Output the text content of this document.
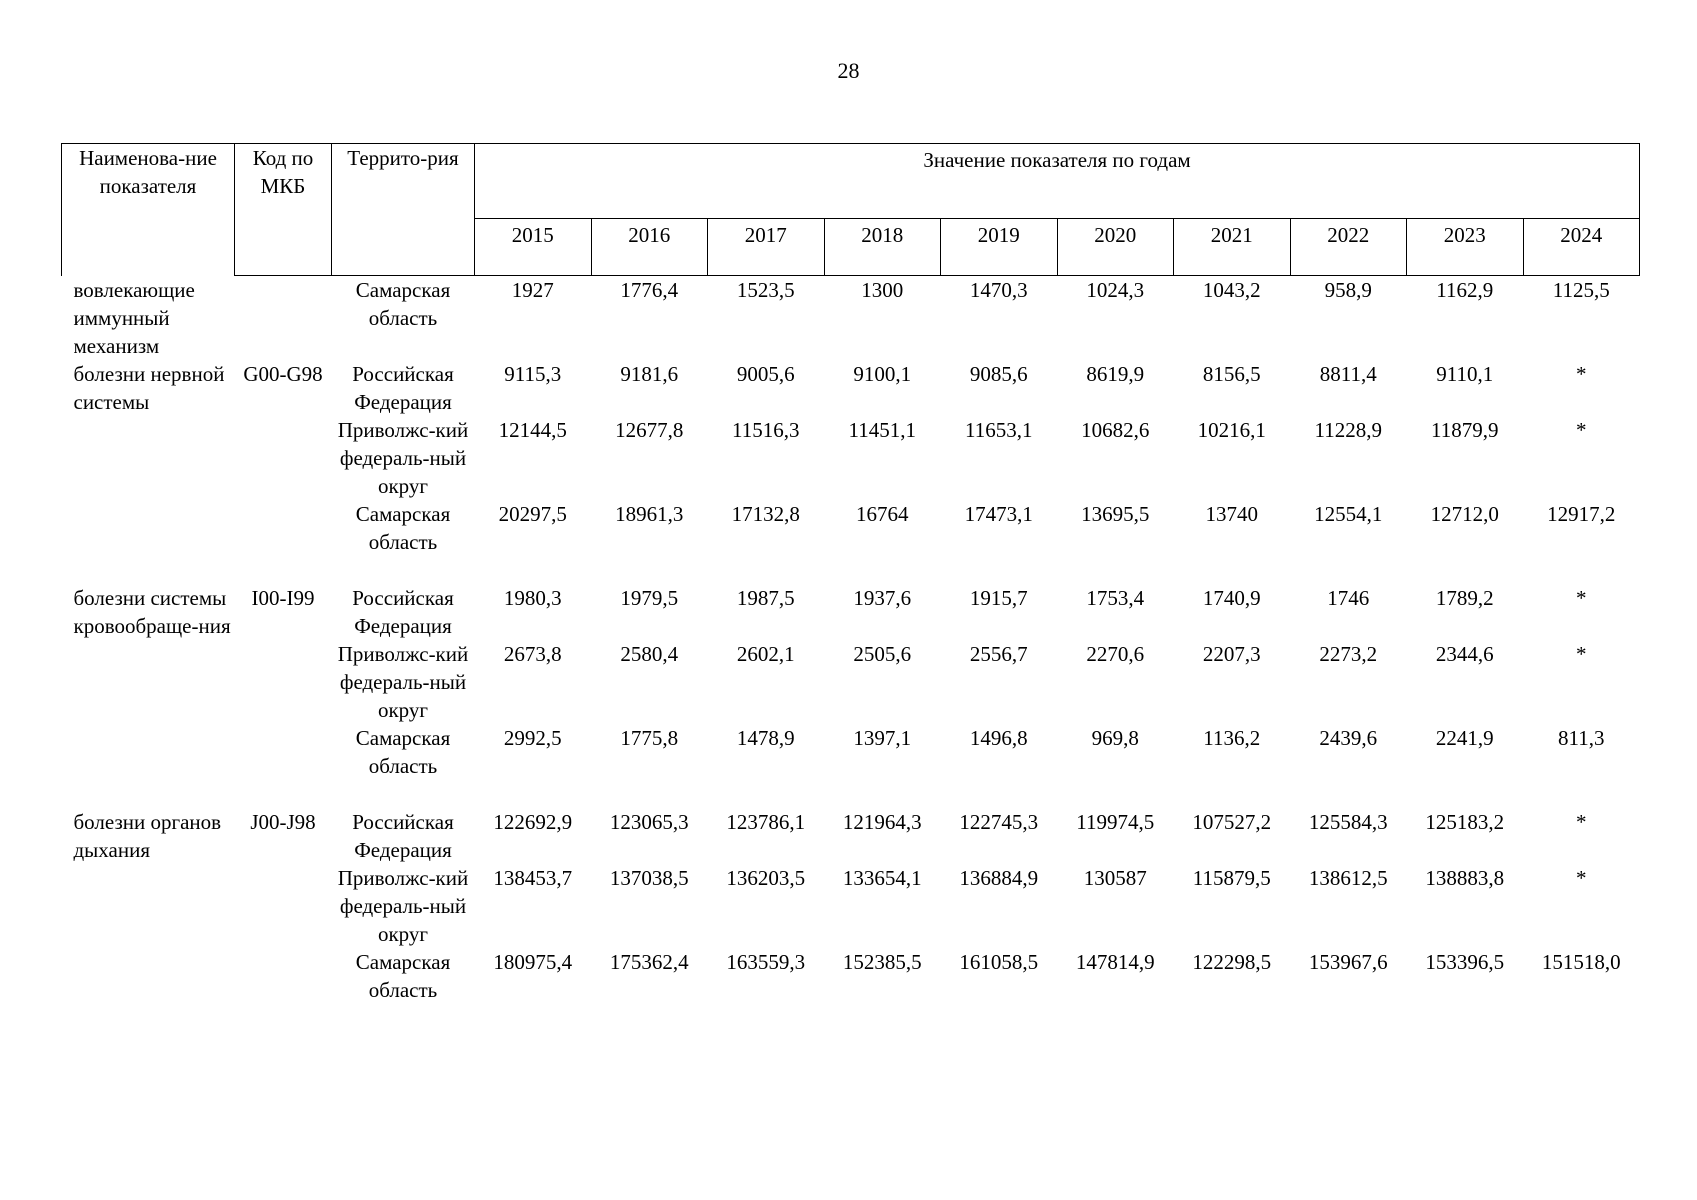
28
Наименова-ние показателя	Код по МКБ	Террито-рия	Значение показателя по годам									
			2015	2016	2017	2018	2019	2020	2021	2022	2023	2024
вовлекающие иммунный механизм		Самарская область	1927	1776,4	1523,5	1300	1470,3	1024,3	1043,2	958,9	1162,9	1125,5
болезни нервной системы	G00-G98	Российская Федерация	9115,3	9181,6	9005,6	9100,1	9085,6	8619,9	8156,5	8811,4	9110,1	*
		Приволжс-кий федераль-ный округ	12144,5	12677,8	11516,3	11451,1	11653,1	10682,6	10216,1	11228,9	11879,9	*
		Самарская область	20297,5	18961,3	17132,8	16764	17473,1	13695,5	13740	12554,1	12712,0	12917,2

болезни системы кровообраще-ния	I00-I99	Российская Федерация	1980,3	1979,5	1987,5	1937,6	1915,7	1753,4	1740,9	1746	1789,2	*
		Приволжс-кий федераль-ный округ	2673,8	2580,4	2602,1	2505,6	2556,7	2270,6	2207,3	2273,2	2344,6	*
		Самарская область	2992,5	1775,8	1478,9	1397,1	1496,8	969,8	1136,2	2439,6	2241,9	811,3

болезни органов дыхания	J00-J98	Российская Федерация	122692,9	123065,3	123786,1	121964,3	122745,3	119974,5	107527,2	125584,3	125183,2	*
		Приволжс-кий федераль-ный округ	138453,7	137038,5	136203,5	133654,1	136884,9	130587	115879,5	138612,5	138883,8	*
		Самарская область	180975,4	175362,4	163559,3	152385,5	161058,5	147814,9	122298,5	153967,6	153396,5	151518,0
